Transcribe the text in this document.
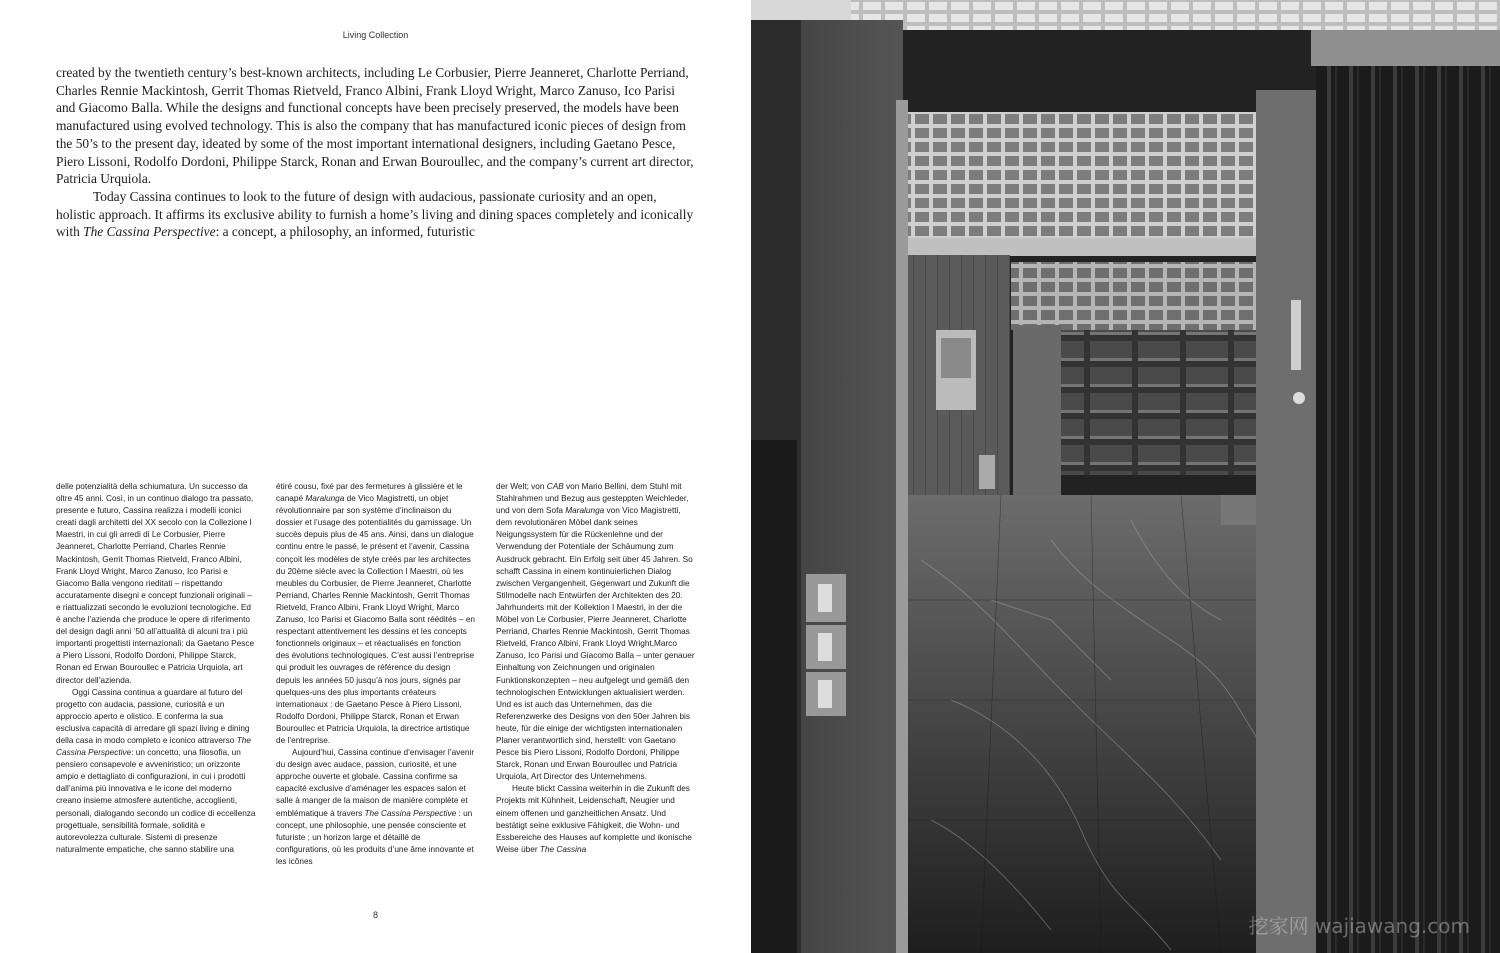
Living Collection

created by the twentieth century’s best-known architects, including Le Corbusier, Pierre Jeanneret, Charlotte Perriand, Charles Rennie Mackintosh, Gerrit Thomas Rietveld, Franco Albini, Frank Lloyd Wright, Marco Zanuso, Ico Parisi and Giacomo Balla. While the designs and functional concepts have been precisely preserved, the models have been manufactured using evolved technology. This is also the company that has manufactured iconic pieces of design from the 50’s to the present day, ideated by some of the most important international designers, including Gaetano Pesce, Piero Lissoni, Rodolfo Dordoni, Philippe Starck, Ronan and Erwan Bouroullec, and the company’s current art director, Patricia Urquiola.

Today Cassina continues to look to the future of design with audacious, passionate curiosity and an open, holistic approach. It affirms its exclusive ability to furnish a home’s living and dining spaces completely and iconically with The Cassina Perspective: a concept, a philosophy, an informed, futuristic

delle potenzialità della schiumatura. Un successo da oltre 45 anni. Così, in un continuo dialogo tra passato, presente e futuro, Cassina realizza i modelli iconici creati dagli architetti del XX secolo con la Collezione I Maestri, in cui gli arredi di Le Corbusier, Pierre Jeanneret, Charlotte Perriand, Charles Rennie Mackintosh, Gerrit Thomas Rietveld, Franco Albini, Frank Lloyd Wright, Marco Zanuso, Ico Parisi e Giacomo Balla vengono rieditati – rispettando accuratamente disegni e concept funzionali originali – e riattualizzati secondo le evoluzioni tecnologiche. Ed è anche l’azienda che produce le opere di riferimento del design dagli anni ’50 all’attualità di alcuni tra i più importanti progettisti internazionali: da Gaetano Pesce a Piero Lissoni, Rodolfo Dordoni, Philippe Starck, Ronan ed Erwan Bouroullec e Patricia Urquiola, art director dell’azienda.

Oggi Cassina continua a guardare al futuro del progetto con audacia, passione, curiosità e un approccio aperto e olistico. E conferma la sua esclusiva capacità di arredare gli spazi living e dining della casa in modo completo e iconico attraverso The Cassina Perspective: un concetto, una filosofia, un pensiero consapevole e avveniristico; un orizzonte ampio e dettagliato di configurazioni, in cui i prodotti dall’anima più innovativa e le icone del moderno creano insieme atmosfere autentiche, accoglienti, personali, dialogando secondo un codice di eccellenza progettuale, sensibilità formale, solidità e autorevolezza culturale. Sistemi di presenze naturalmente empatiche, che sanno stabilire una

étiré cousu, fixé par des fermetures à glissière et le canapé Maralunga de Vico Magistretti, un objet révolutionnaire par son système d’inclinaison du dossier et l’usage des potentialités du garnissage. Un succès depuis plus de 45 ans. Ainsi, dans un dialogue continu entre le passé, le présent et l’avenir, Cassina conçoit les modèles de style créés par les architectes du 20ème siècle avec la Collection I Maestri, où les meubles du Corbusier, de Pierre Jeanneret, Charlotte Perriand, Charles Rennie Mackintosh, Gerrit Thomas Rietveld, Franco Albini, Frank Lloyd Wright, Marco Zanuso, Ico Parisi et Giacomo Balla sont réédités – en respectant attentivement les dessins et les concepts fonctionnels originaux – et réactualisés en fonction des évolutions technologiques. C’est aussi l’entreprise qui produit les ouvrages de référence du design depuis les années 50 jusqu’à nos jours, signés par quelques-uns des plus importants créateurs internationaux : de Gaetano Pesce à Piero Lissoni, Rodolfo Dordoni, Philippe Starck, Ronan et Erwan Bouroullec et Patricia Urquiola, la directrice artistique de l’entreprise.

Aujourd’hui, Cassina continue d’envisager l’avenir du design avec audace, passion, curiosité, et une approche ouverte et globale. Cassina confirme sa capacité exclusive d’aménager les espaces salon et salle à manger de la maison de manière complète et emblématique à travers The Cassina Perspective : un concept, une philosophie, une pensée consciente et futuriste ; un horizon large et détaillé de configurations, où les produits d’une âme innovante et les icônes

der Welt; von CAB von Mario Bellini, dem Stuhl mit Stahlrahmen und Bezug aus gesteppten Weichleder, und von dem Sofa Maralunga von Vico Magistretti, dem revolutionären Möbel dank seines Neigungssystem für die Rückenlehne und der Verwendung der Potentiale der Schäumung zum Ausdruck gebracht. Ein Erfolg seit über 45 Jahren. So schafft Cassina in einem kontinuierlichen Dialog zwischen Vergangenheit, Gegenwart und Zukunft die Stilmodelle nach Entwürfen der Architekten des 20. Jahrhunderts mit der Kollektion I Maestri, in der die Möbel von Le Corbusier, Pierre Jeanneret, Charlotte Perriand, Charles Rennie Mackintosh, Gerrit Thomas Rietveld, Franco Albini, Frank Lloyd Wright,Marco Zanuso, Ico Parisi und Giacomo Balla – unter genauer Einhaltung von Zeichnungen und originalen Funktionskonzepten – neu aufgelegt und gemäß den technologischen Entwicklungen aktualisiert werden. Und es ist auch das Unternehmen, das die Referenzwerke des Designs von den 50er Jahren bis heute, für die einige der wichtigsten internationalen Planer verantwortlich sind, herstellt: von Gaetano Pesce bis Piero Lissoni, Rodolfo Dordoni, Philippe Starck, Ronan und Erwan Bouroullec und Patricia Urquiola, Art Director des Unternehmens.

Heute blickt Cassina weiterhin in die Zukunft des Projekts mit Kühnheit, Leidenschaft, Neugier und einem offenen und ganzheitlichen Ansatz. Und bestätigt seine exklusive Fähigkeit, die Wohn- und Essbereiche des Hauses auf komplette und ikonische Weise über The Cassina

8	挖家网 wajiawang.com
